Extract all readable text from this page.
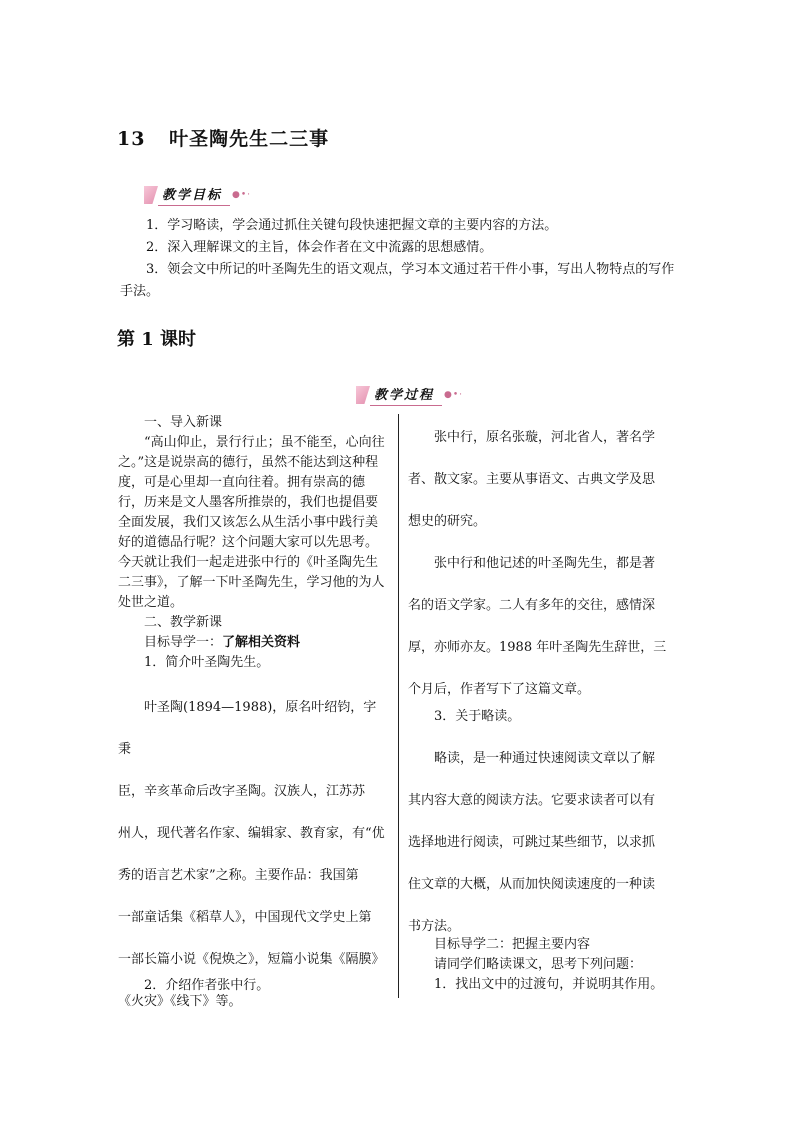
13 叶圣陶先生二三事
教学目标	●•·

1．学习略读，学会通过抓住关键句段快速把握文章的主要内容的方法。

2．深入理解课文的主旨，体会作者在文中流露的思想感情。

3．领会文中所记的叶圣陶先生的语文观点，学习本文通过若干件小事，写出人物特点的写作手法。

第 1 课时
教学过程	●•·

一、导入新课

“高山仰止，景行行止；虽不能至，心向往之。”这是说崇高的德行，虽然不能达到这种程度，可是心里却一直向往着。拥有崇高的德行，历来是文人墨客所推崇的，我们也提倡要全面发展，我们又该怎么从生活小事中践行美好的道德品行呢？这个问题大家可以先思考。今天就让我们一起走进张中行的《叶圣陶先生二三事》，了解一下叶圣陶先生，学习他的为人处世之道。

二、教学新课

目标导学一：了解相关资料

1．简介叶圣陶先生。

叶圣陶(1894—1988)，原名叶绍钧，字秉

臣，辛亥革命后改字圣陶。汉族人，江苏苏

州人，现代著名作家、编辑家、教育家，有“优

秀的语言艺术家”之称。主要作品：我国第

一部童话集《稻草人》，中国现代文学史上第

一部长篇小说《倪焕之》，短篇小说集《隔膜》

《火灾》《线下》等。

2．介绍作者张中行。

张中行，原名张璇，河北省人，著名学

者、散文家。主要从事语文、古典文学及思

想史的研究。

张中行和他记述的叶圣陶先生，都是著

名的语文学家。二人有多年的交往，感情深

厚，亦师亦友。1988 年叶圣陶先生辞世，三

个月后，作者写下了这篇文章。

3．关于略读。

略读，是一种通过快速阅读文章以了解

其内容大意的阅读方法。它要求读者可以有

选择地进行阅读，可跳过某些细节，以求抓

住文章的大概，从而加快阅读速度的一种读

书方法。

目标导学二：把握主要内容

请同学们略读课文，思考下列问题：

1．找出文中的过渡句，并说明其作用。
